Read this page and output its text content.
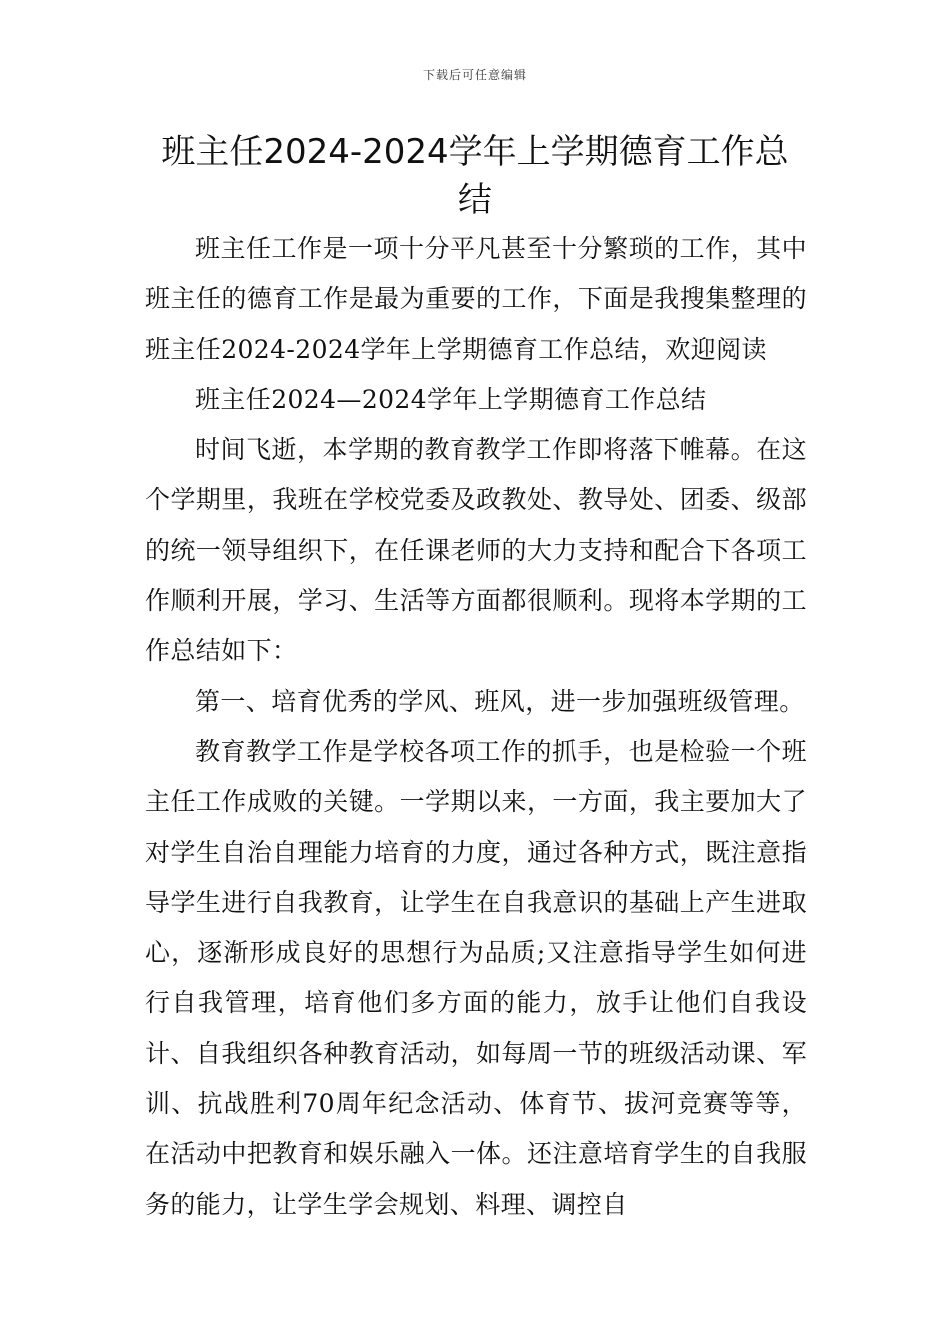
下载后可任意编辑
班主任2024-2024学年上学期德育工作总结

班主任工作是一项十分平凡甚至十分繁琐的工作，其中班主任的德育工作是最为重要的工作，下面是我搜集整理的班主任2024-2024学年上学期德育工作总结，欢迎阅读

班主任2024—2024学年上学期德育工作总结

时间飞逝，本学期的教育教学工作即将落下帷幕。在这个学期里，我班在学校党委及政教处、教导处、团委、级部的统一领导组织下，在任课老师的大力支持和配合下各项工作顺利开展，学习、生活等方面都很顺利。现将本学期的工作总结如下：

第一、培育优秀的学风、班风，进一步加强班级管理。

教育教学工作是学校各项工作的抓手，也是检验一个班主任工作成败的关键。一学期以来，一方面，我主要加大了对学生自治自理能力培育的力度，通过各种方式，既注意指导学生进行自我教育，让学生在自我意识的基础上产生进取心，逐渐形成良好的思想行为品质;又注意指导学生如何进行自我管理，培育他们多方面的能力，放手让他们自我设计、自我组织各种教育活动，如每周一节的班级活动课、军训、抗战胜利70周年纪念活动、体育节、拔河竞赛等等，在活动中把教育和娱乐融入一体。还注意培育学生的自我服务的能力，让学生学会规划、料理、调控自
